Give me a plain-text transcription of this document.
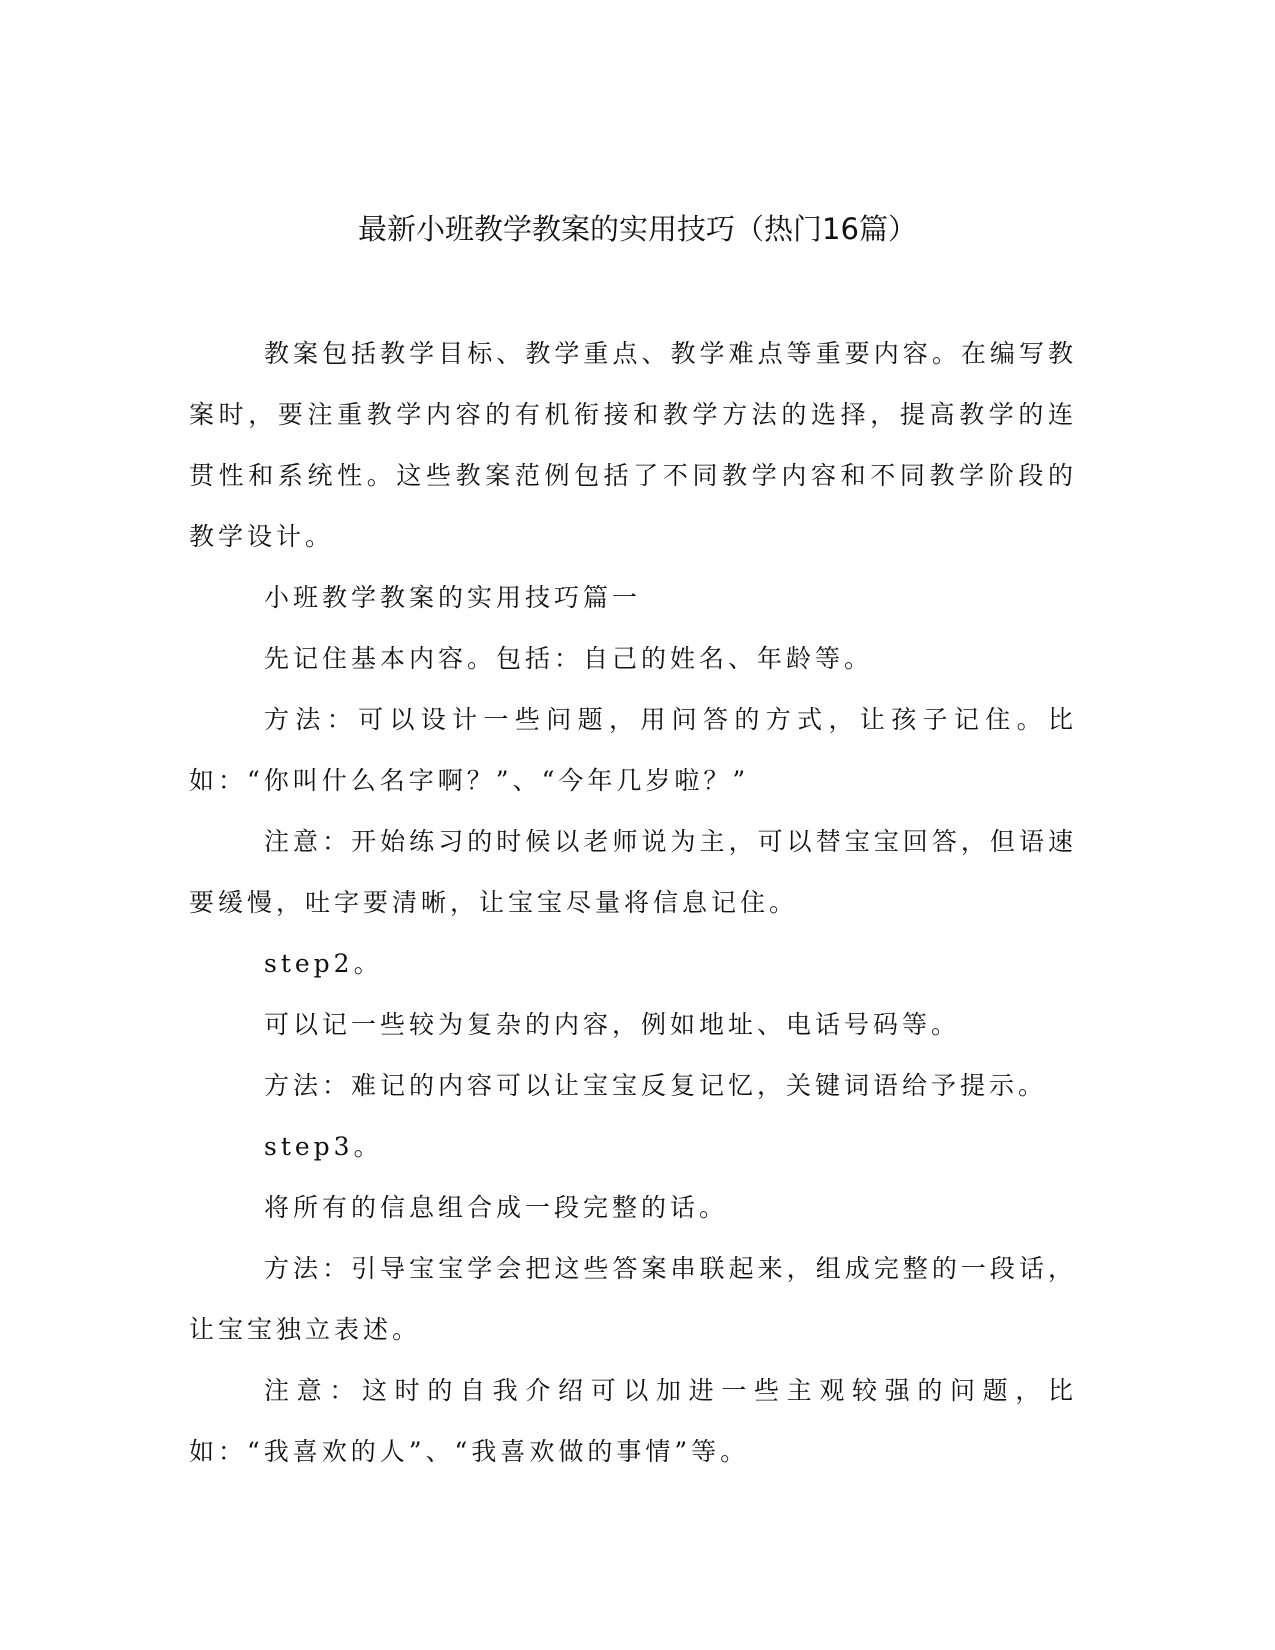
最新小班教学教案的实用技巧（热门16篇）

教案包括教学目标、教学重点、教学难点等重要内容。在编写教案时，要注重教学内容的有机衔接和教学方法的选择，提高教学的连贯性和系统性。这些教案范例包括了不同教学内容和不同教学阶段的教学设计。

小班教学教案的实用技巧篇一

先记住基本内容。包括：自己的姓名、年龄等。

方法：可以设计一些问题，用问答的方式，让孩子记住。比如：“你叫什么名字啊？”、“今年几岁啦？”

注意：开始练习的时候以老师说为主，可以替宝宝回答，但语速要缓慢，吐字要清晰，让宝宝尽量将信息记住。

step2。

可以记一些较为复杂的内容，例如地址、电话号码等。

方法：难记的内容可以让宝宝反复记忆，关键词语给予提示。

step3。

将所有的信息组合成一段完整的话。

方法：引导宝宝学会把这些答案串联起来，组成完整的一段话，让宝宝独立表述。

注意：这时的自我介绍可以加进一些主观较强的问题，比如：“我喜欢的人”、“我喜欢做的事情”等。
